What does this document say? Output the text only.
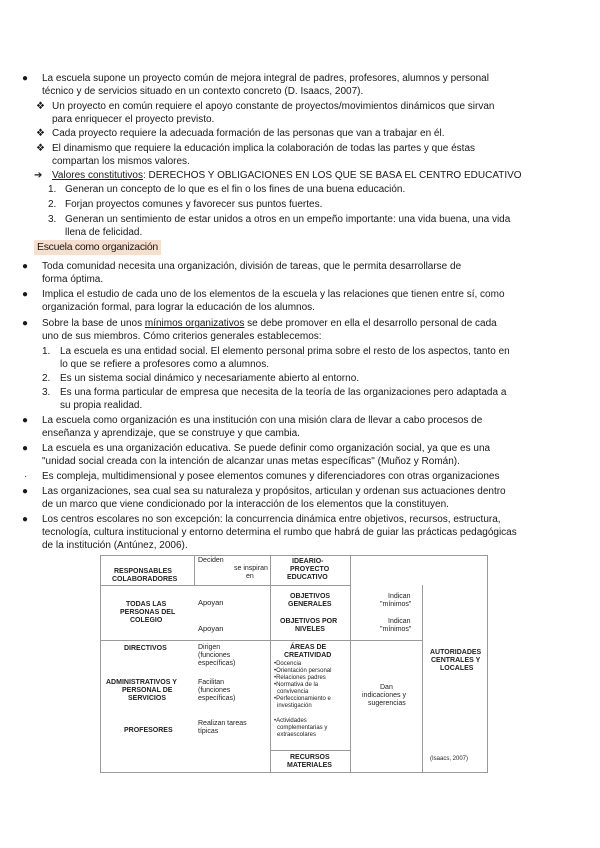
● La escuela supone un proyecto común de mejora integral de padres, profesores, alumnos y personal
técnico y de servicios situado en un contexto concreto (D. Isaacs, 2007).
❖ Un proyecto en común requiere el apoyo constante de proyectos/movimientos dinámicos que sirvan
para enriquecer el proyecto previsto.
❖ Cada proyecto requiere la adecuada formación de las personas que van a trabajar en él.
❖ El dinamismo que requiere la educación implica la colaboración de todas las partes y que éstas
compartan los mismos valores.
➔ Valores constitutivos: DERECHOS Y OBLIGACIONES EN LOS QUE SE BASA EL CENTRO EDUCATIVO
1. Generan un concepto de lo que es el fin o los fines de una buena educación.
2. Forjan proyectos comunes y favorecer sus puntos fuertes.
3. Generan un sentimiento de estar unidos a otros en un empeño importante: una vida buena, una vida
llena de felicidad.
Escuela como organización
● Toda comunidad necesita una organización, división de tareas, que le permita desarrollarse de
forma óptima.
● Implica el estudio de cada uno de los elementos de la escuela y las relaciones que tienen entre sí, como
organización formal, para lograr la educación de los alumnos.
● Sobre la base de unos mínimos organizativos se debe promover en ella el desarrollo personal de cada
uno de sus miembros. Cómo criterios generales establecemos:
1. La escuela es una entidad social. El elemento personal prima sobre el resto de los aspectos, tanto en
lo que se refiere a profesores como a alumnos.
2. Es un sistema social dinámico y necesariamente abierto al entorno.
3. Es una forma particular de empresa que necesita de la teoría de las organizaciones pero adaptada a
su propia realidad.
● La escuela como organización es una institución con una misión clara de llevar a cabo procesos de
enseñanza y aprendizaje, que se construye y que cambia.
● La escuela es una organización educativa. Se puede definir como organización social, ya que es una
"unidad social creada con la intención de alcanzar unas metas específicas" (Muñoz y Román).
· Es compleja, multidimensional y posee elementos comunes y diferenciadores con otras organizaciones
● Las organizaciones, sea cual sea su naturaleza y propósitos, articulan y ordenan sus actuaciones dentro
de un marco que viene condicionado por la interacción de los elementos que la constituyen.
● Los centros escolares no son excepción: la concurrencia dinámica entre objetivos, recursos, estructura,
tecnología, cultura institucional y entorno determina el rumbo que habrá de guiar las prácticas pedagógicas
de la institución (Antúnez, 2006).
RESPONSABLES
COLABORADORES
Deciden
se inspiran
en
IDEARIO-
PROYECTO
EDUCATIVO
TODAS LAS
PERSONAS DEL
COLEGIO
Apoyan
Apoyan
OBJETIVOS
GENERALES
OBJETIVOS POR
NIVELES
Indican
"mínimos"
Indican
"mínimos"
AUTORIDADES
CENTRALES Y
LOCALES
DIRECTIVOS	Dirigen
(funciones
específicas)
ÁREAS DE
CREATIVIDAD
•Docencia
•Orientación personal
•Relaciones padres
•Normativa de la
convivencia
•Perfeccionamiento e
investigación
•Actividades
complementarias y
extraescolares
ADMINISTRATIVOS Y
PERSONAL DE
SERVICIOS
Facilitan
(funciones
específicas)
Dan
indicaciones y
sugerencias
PROFESORES
Realizan tareas
típicas
RECURSOS
MATERIALES
(Isaacs, 2007)
